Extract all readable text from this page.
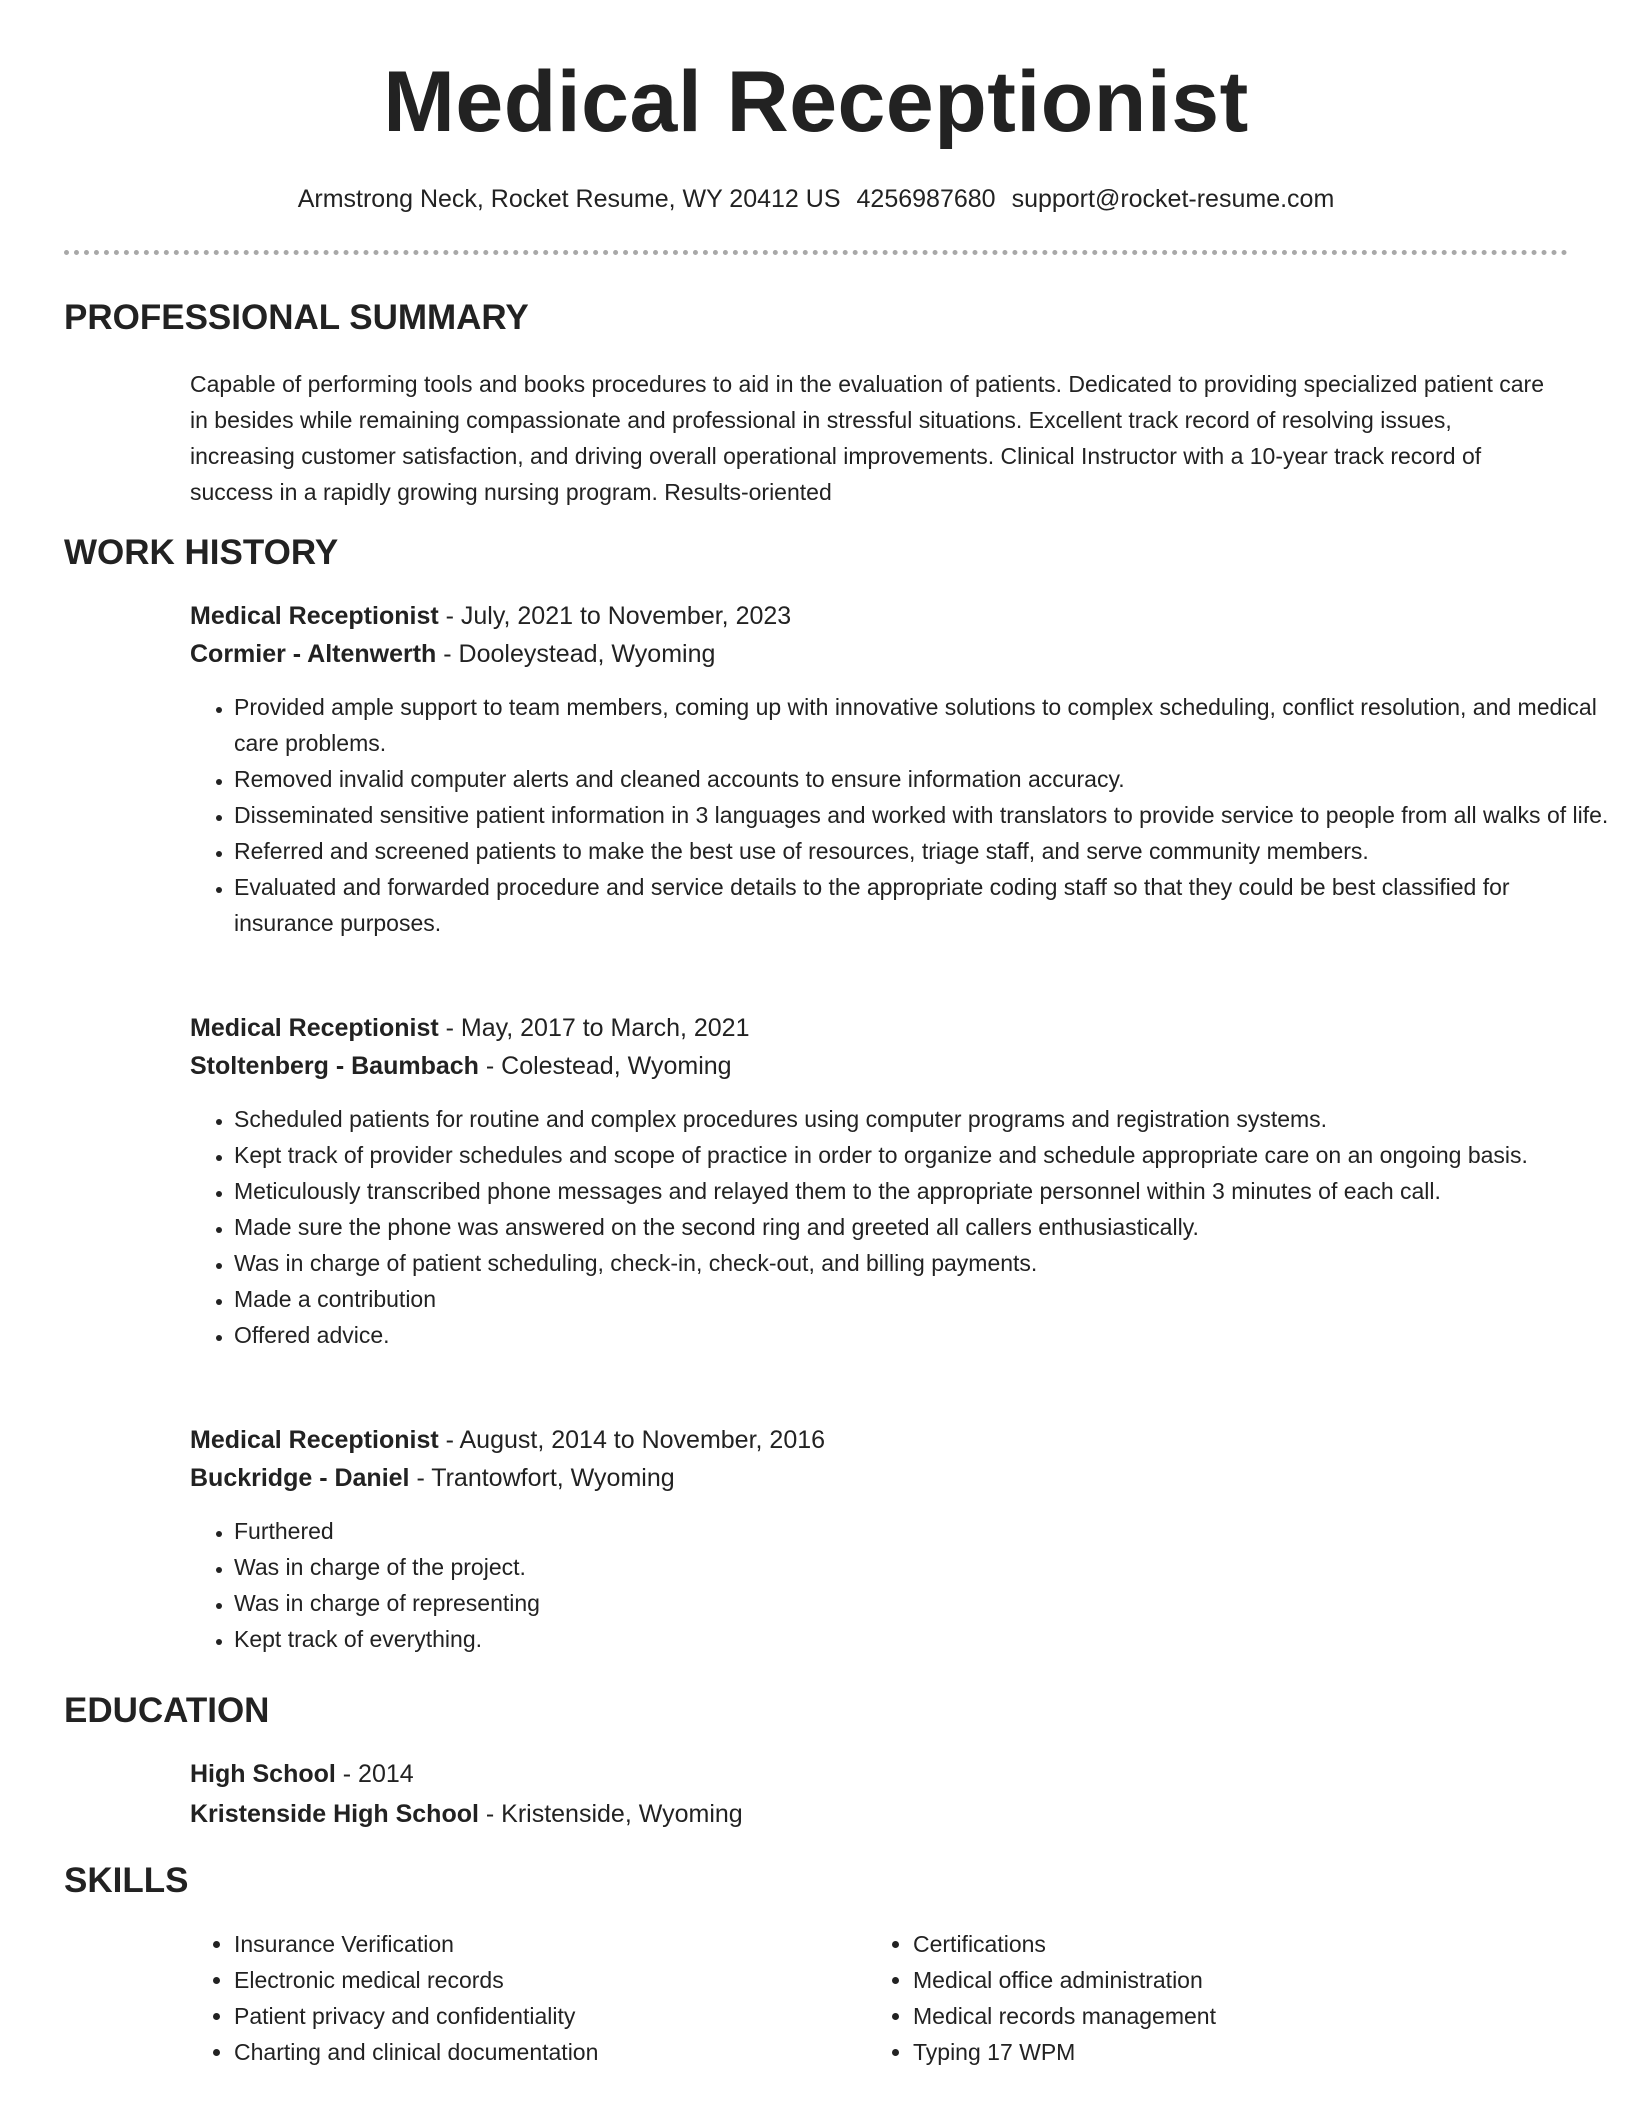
Medical Receptionist
Armstrong Neck, Rocket Resume, WY 20412 US 4256987680 support@rocket-resume.com
PROFESSIONAL SUMMARY

Capable of performing tools and books procedures to aid in the evaluation of patients. Dedicated to providing specialized patient care in besides while remaining compassionate and professional in stressful situations. Excellent track record of resolving issues, increasing customer satisfaction, and driving overall operational improvements. Clinical Instructor with a 10-year track record of success in a rapidly growing nursing program. Results-oriented

WORK HISTORY
Medical Receptionist - July, 2021 to November, 2023
Cormier - Altenwerth - Dooleystead, Wyoming
• Provided ample support to team members, coming up with innovative solutions to complex scheduling, conflict resolution, and medical care problems.
• Removed invalid computer alerts and cleaned accounts to ensure information accuracy.
• Disseminated sensitive patient information in 3 languages and worked with translators to provide service to people from all walks of life.
• Referred and screened patients to make the best use of resources, triage staff, and serve community members.
• Evaluated and forwarded procedure and service details to the appropriate coding staff so that they could be best classified for insurance purposes.
Medical Receptionist - May, 2017 to March, 2021
Stoltenberg - Baumbach - Colestead, Wyoming
• Scheduled patients for routine and complex procedures using computer programs and registration systems.
• Kept track of provider schedules and scope of practice in order to organize and schedule appropriate care on an ongoing basis.
• Meticulously transcribed phone messages and relayed them to the appropriate personnel within 3 minutes of each call.
• Made sure the phone was answered on the second ring and greeted all callers enthusiastically.
• Was in charge of patient scheduling, check-in, check-out, and billing payments.
• Made a contribution
• Offered advice.
Medical Receptionist - August, 2014 to November, 2016
Buckridge - Daniel - Trantowfort, Wyoming
• Furthered
• Was in charge of the project.
• Was in charge of representing
• Kept track of everything.
EDUCATION
High School - 2014
Kristenside High School - Kristenside, Wyoming
SKILLS
• Insurance Verification
• Electronic medical records
• Patient privacy and confidentiality
• Charting and clinical documentation
• Certifications
• Medical office administration
• Medical records management
• Typing 17 WPM
